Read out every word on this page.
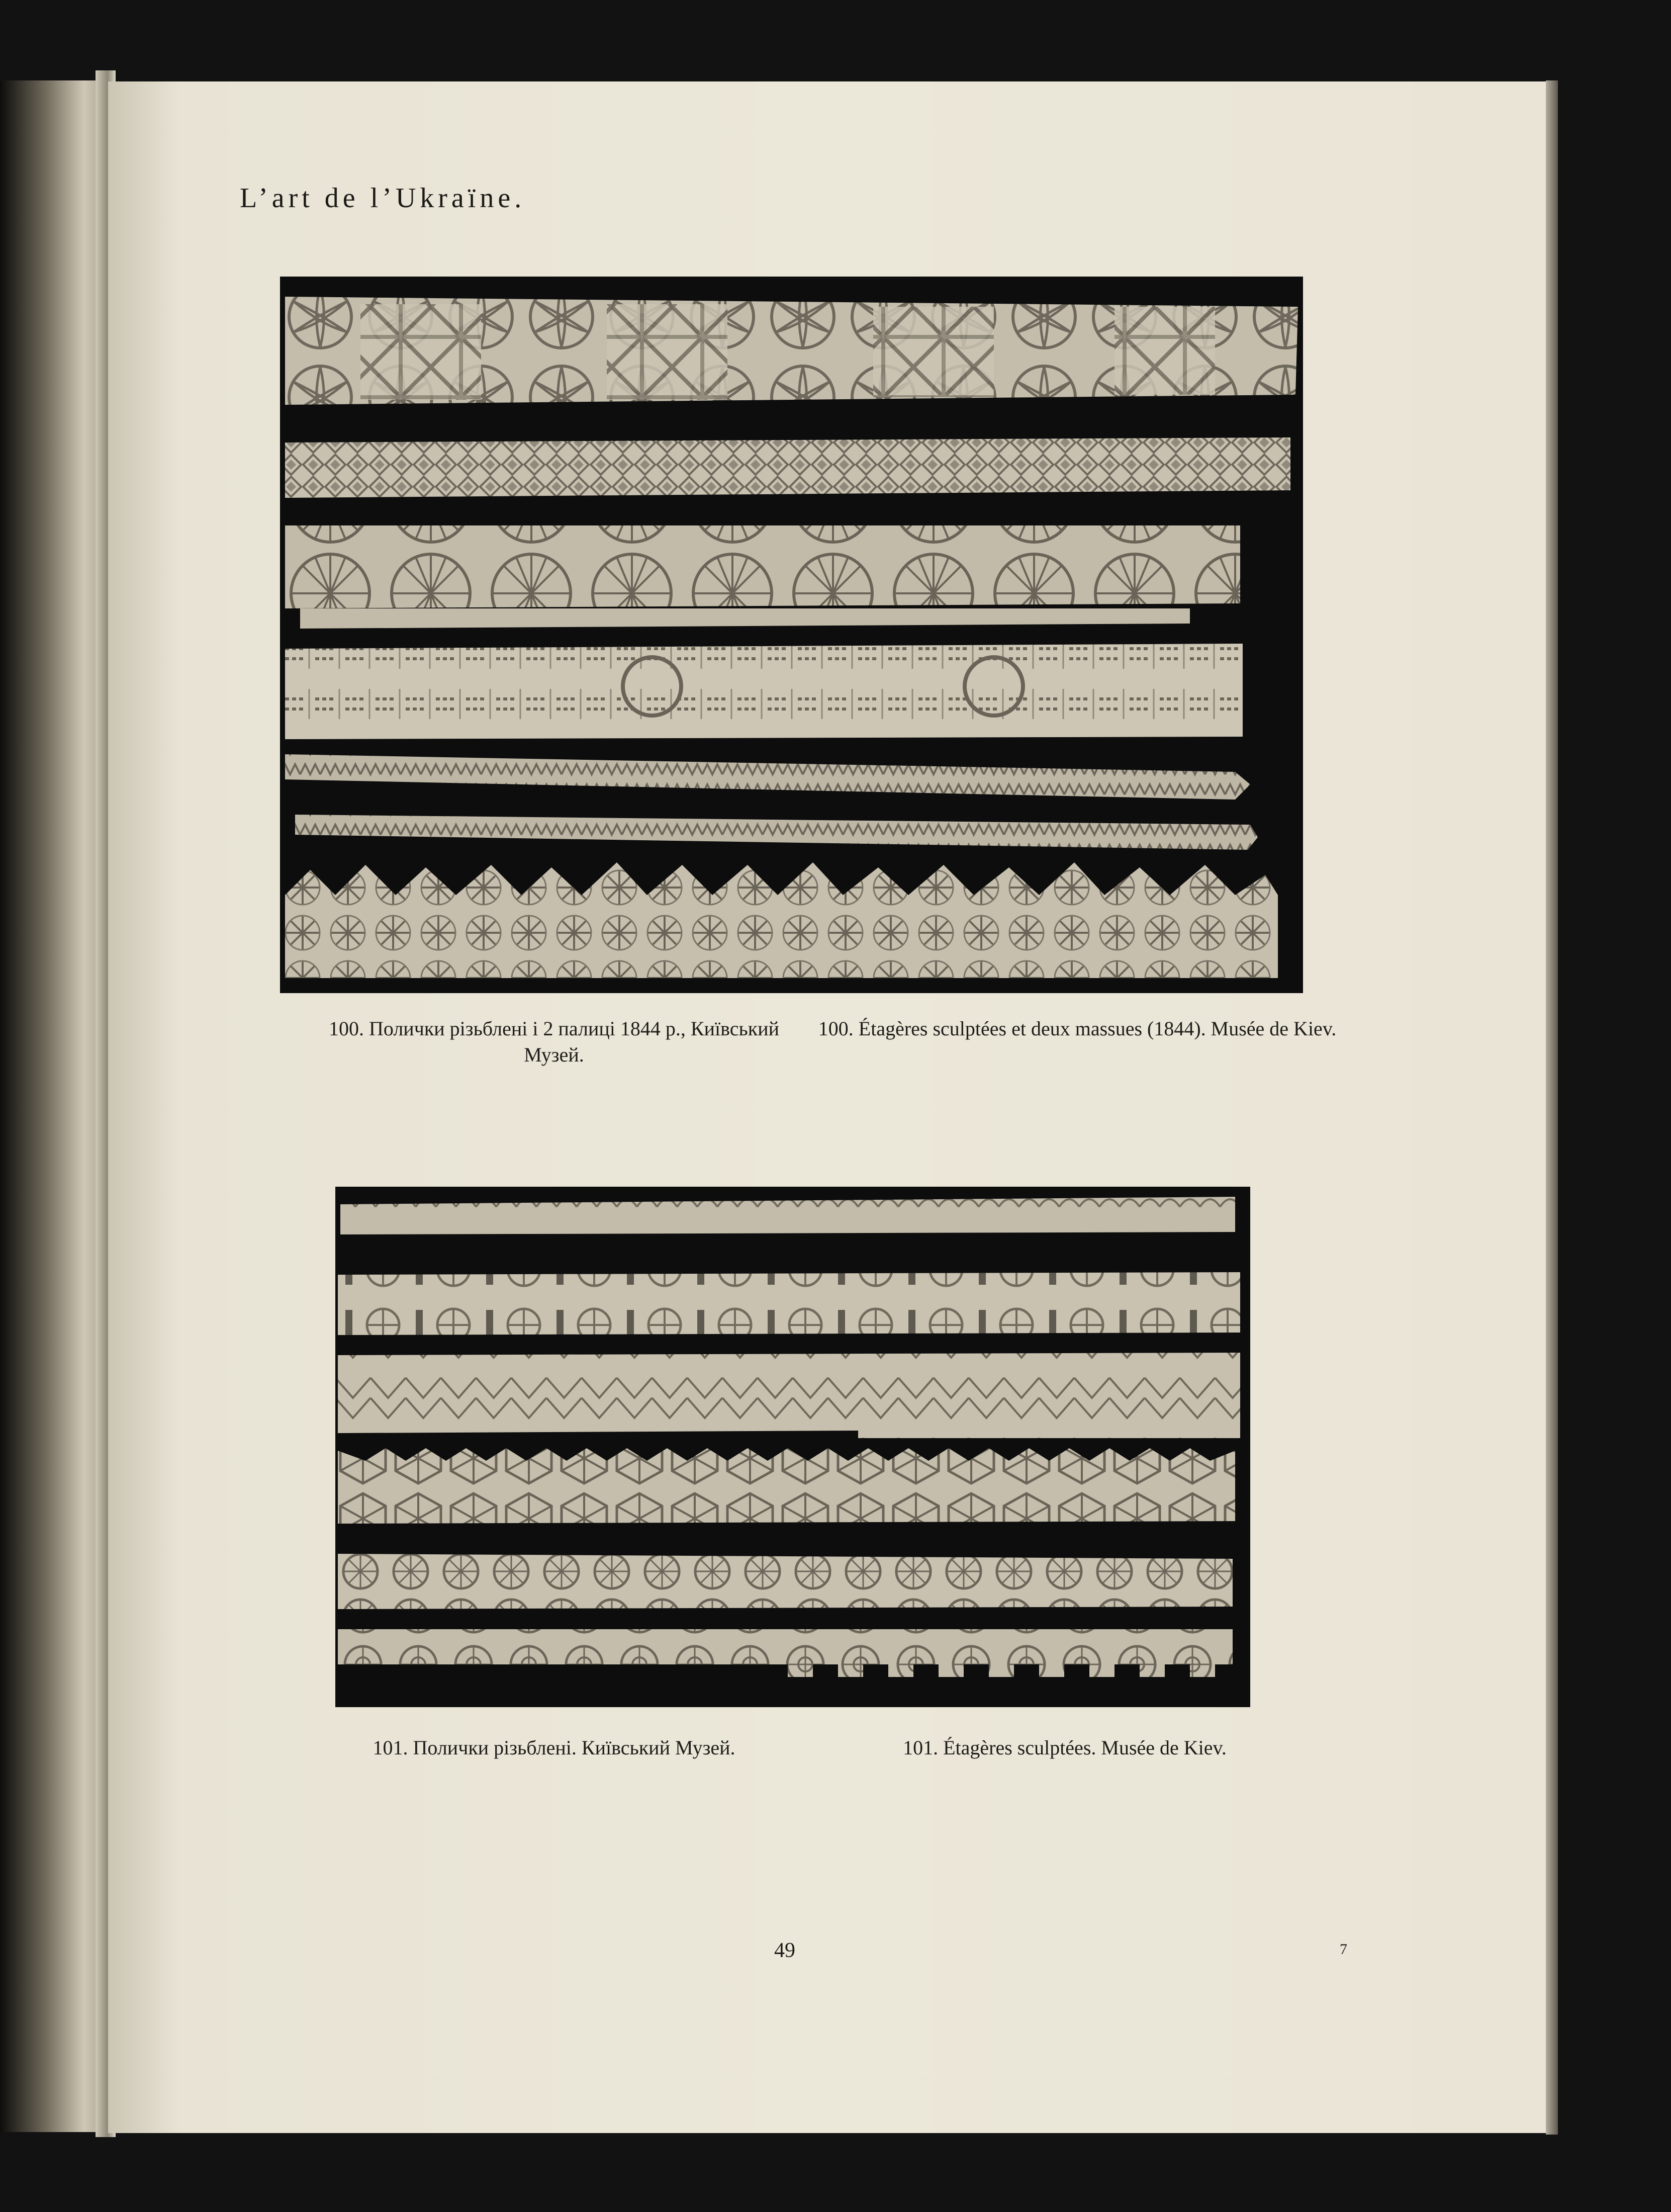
L’art de l’Ukraïne.
100. Полички різьблені і 2 палиці 1844 р., Київський Музей.
100. Étagères sculptées et deux massues (1844). Musée de Kiev.
101. Полички різьблені. Київський Музей.	101. Étagères sculptées. Musée de Kiev.
49	7
